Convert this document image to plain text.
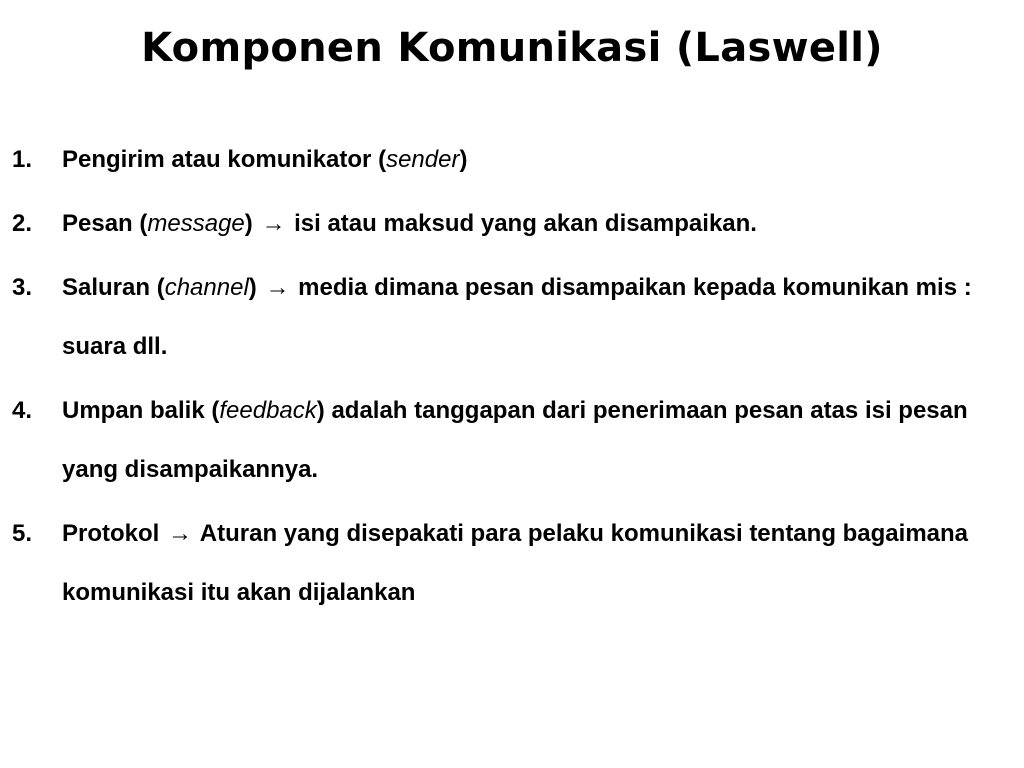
Komponen Komunikasi (Laswell)
1. Pengirim atau komunikator (sender)
2. Pesan (message) → isi atau maksud yang akan disampaikan.
3. Saluran (channel) → media dimana pesan disampaikan kepada komunikan mis : suara dll.
4. Umpan balik (feedback) adalah tanggapan dari penerimaan pesan atas isi pesan yang disampaikannya.
5. Protokol → Aturan yang disepakati para pelaku komunikasi tentang bagaimana komunikasi itu akan dijalankan
